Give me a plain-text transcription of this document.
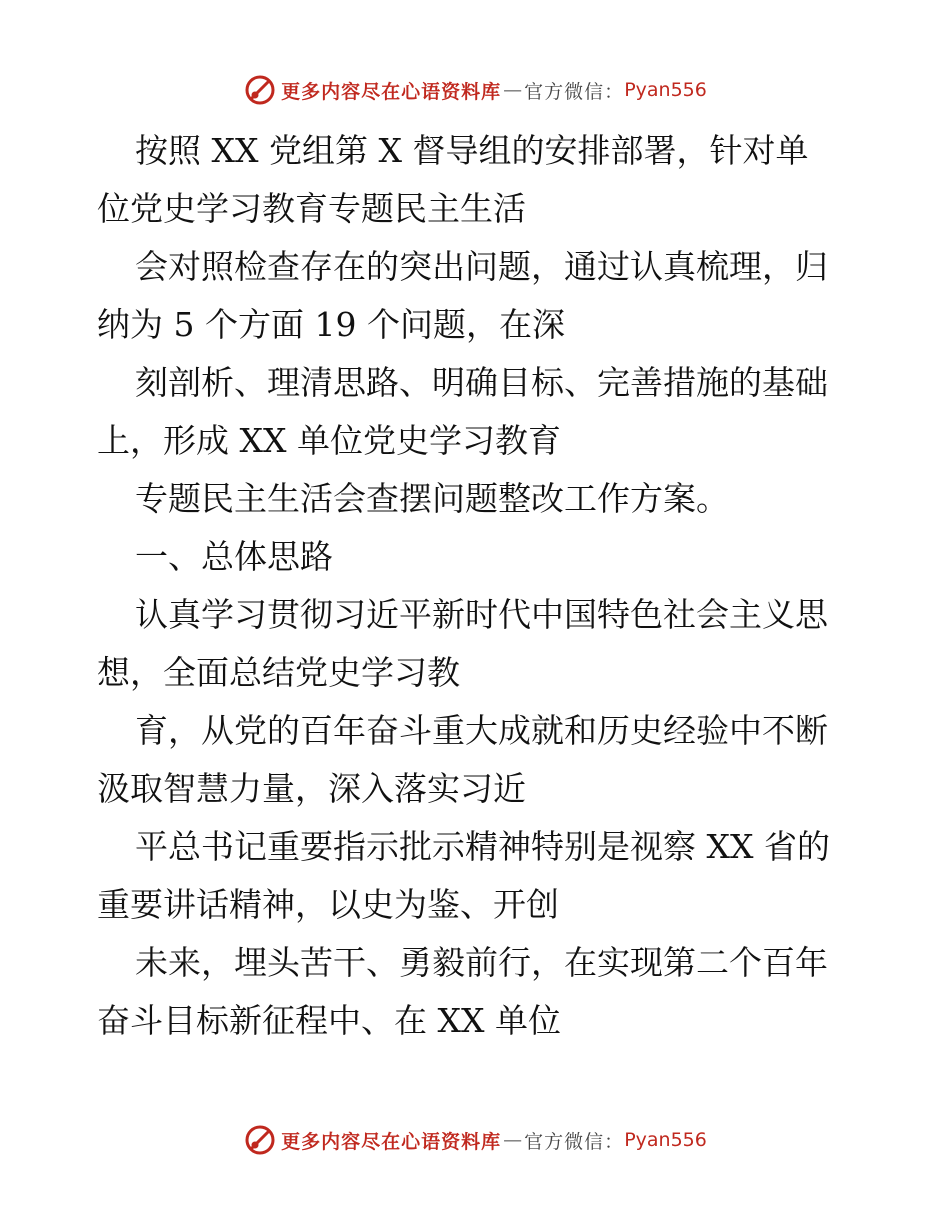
更多内容尽在心语资料库 — 官方微信： Pyan556

按照 XX 党组第 X 督导组的安排部署，针对单
位党史学习教育专题民主生活

会对照检查存在的突出问题，通过认真梳理，归
纳为 5 个方面 19 个问题，在深

刻剖析、理清思路、明确目标、完善措施的基础
上，形成 XX 单位党史学习教育

专题民主生活会查摆问题整改工作方案。

一、总体思路

认真学习贯彻习近平新时代中国特色社会主义思
想，全面总结党史学习教

育，从党的百年奋斗重大成就和历史经验中不断
汲取智慧力量，深入落实习近

平总书记重要指示批示精神特别是视察 XX 省的
重要讲话精神，以史为鉴、开创

未来，埋头苦干、勇毅前行，在实现第二个百年
奋斗目标新征程中、在 XX 单位

更多内容尽在心语资料库 — 官方微信： Pyan556
